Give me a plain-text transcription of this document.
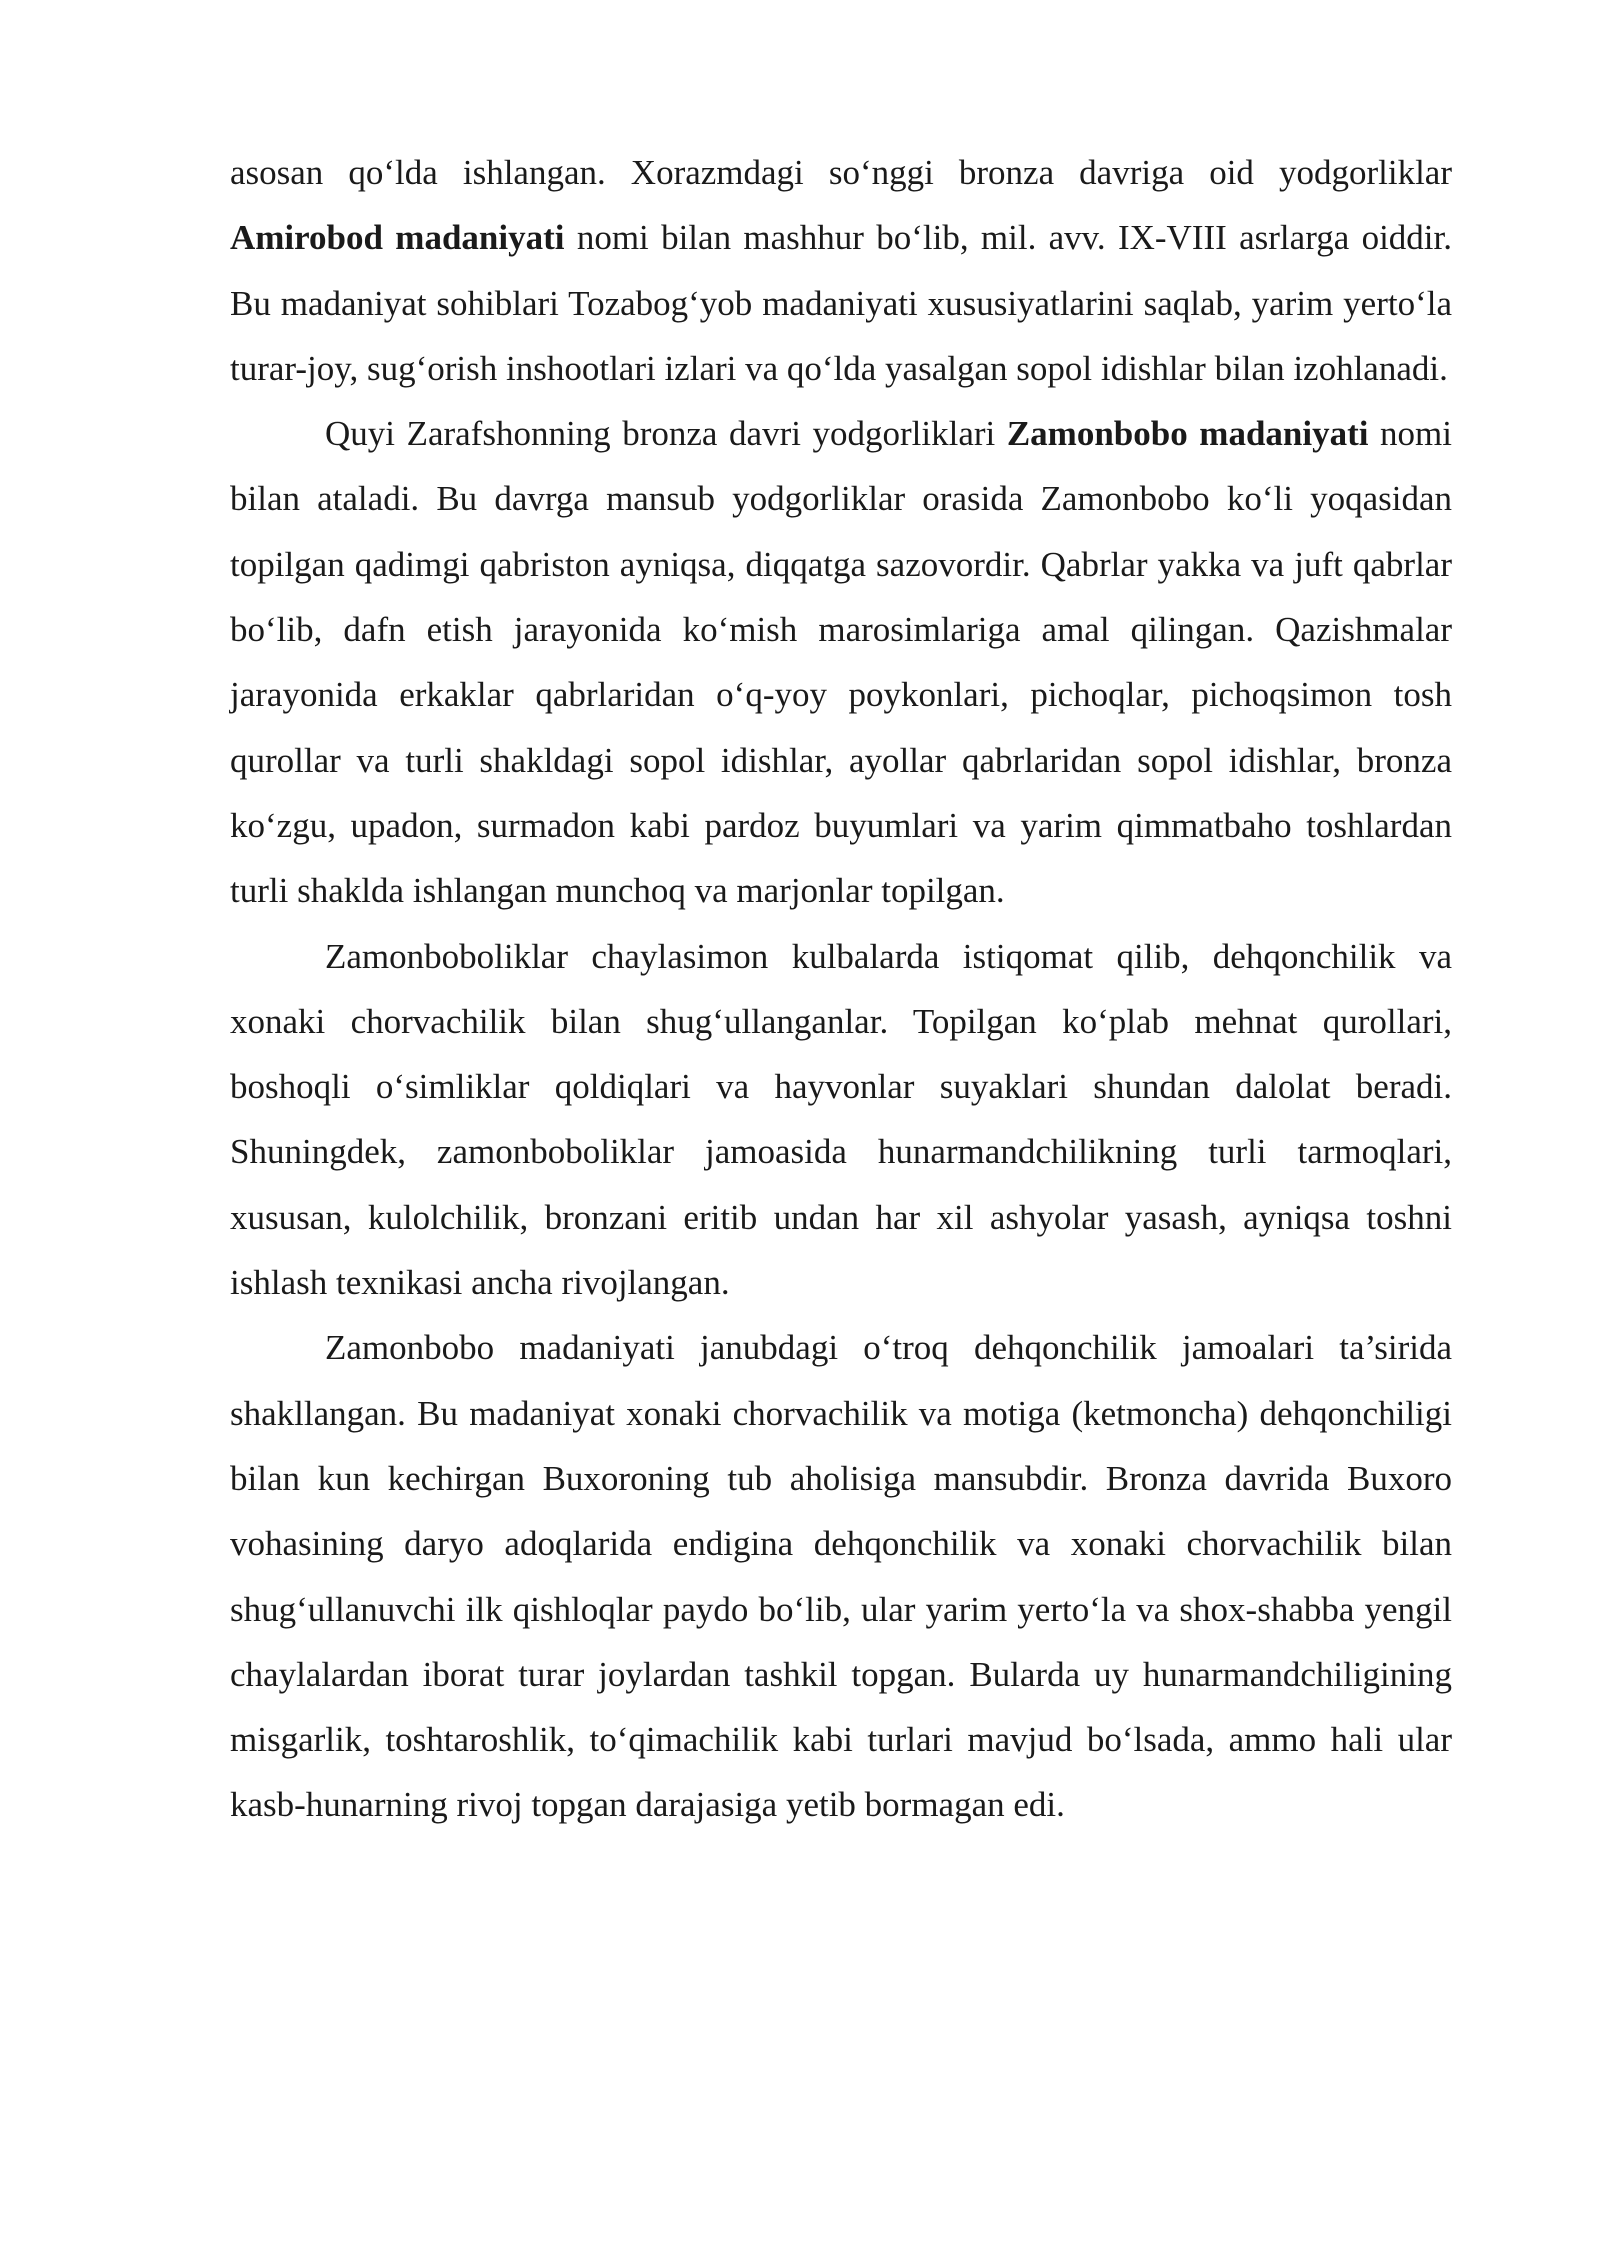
asosan qo‘lda ishlangan. Xorazmdagi so‘nggi bronza davriga oid yodgorliklar Amirobod madaniyati nomi bilan mashhur bo‘lib, mil. avv. IX-VIII asrlarga oiddir. Bu madaniyat sohiblari Tozabog‘yob madaniyati xususiyatlarini saqlab, yarim yerto‘la turar-joy, sug‘orish inshootlari izlari va qo‘lda yasalgan sopol idishlar bilan izohlanadi.

Quyi Zarafshonning bronza davri yodgorliklari Zamonbobo madaniyati nomi bilan ataladi. Bu davrga mansub yodgorliklar orasida Zamonbobo ko‘li yoqasidan topilgan qadimgi qabriston ayniqsa, diqqatga sazovordir. Qabrlar yakka va juft qabrlar bo‘lib, dafn etish jarayonida ko‘mish marosimlariga amal qilingan. Qazishmalar jarayonida erkaklar qabrlaridan o‘q-yoy poykonlari, pichoqlar, pichoqsimon tosh qurollar va turli shakldagi sopol idishlar, ayollar qabrlaridan sopol idishlar, bronza ko‘zgu, upadon, surmadon kabi pardoz buyumlari va yarim qimmatbaho toshlardan turli shaklda ishlangan munchoq va marjonlar topilgan.

Zamonboboliklar chaylasimon kulbalarda istiqomat qilib, dehqonchilik va xonaki chorvachilik bilan shug‘ullanganlar. Topilgan ko‘plab mehnat qurollari, boshoqli o‘simliklar qoldiqlari va hayvonlar suyaklari shundan dalolat beradi. Shuningdek, zamonboboliklar jamoasida hunarmandchilikning turli tarmoqlari, xususan, kulolchilik, bronzani eritib undan har xil ashyolar yasash, ayniqsa toshni ishlash texnikasi ancha rivojlangan.

Zamonbobo madaniyati janubdagi o‘troq dehqonchilik jamoalari ta’sirida shakllangan. Bu madaniyat xonaki chorvachilik va motiga (ketmoncha) dehqonchiligi bilan kun kechirgan Buxoroning tub aholisiga mansubdir. Bronza davrida Buxoro vohasining daryo adoqlarida endigina dehqonchilik va xonaki chorvachilik bilan shug‘ullanuvchi ilk qishloqlar paydo bo‘lib, ular yarim yerto‘la va shox-shabba yengil chaylalardan iborat turar joylardan tashkil topgan. Bularda uy hunarmandchiligining misgarlik, toshtaroshlik, to‘qimachilik kabi turlari mavjud bo‘lsada, ammo hali ular kasb-hunarning rivoj topgan darajasiga yetib bormagan edi.
